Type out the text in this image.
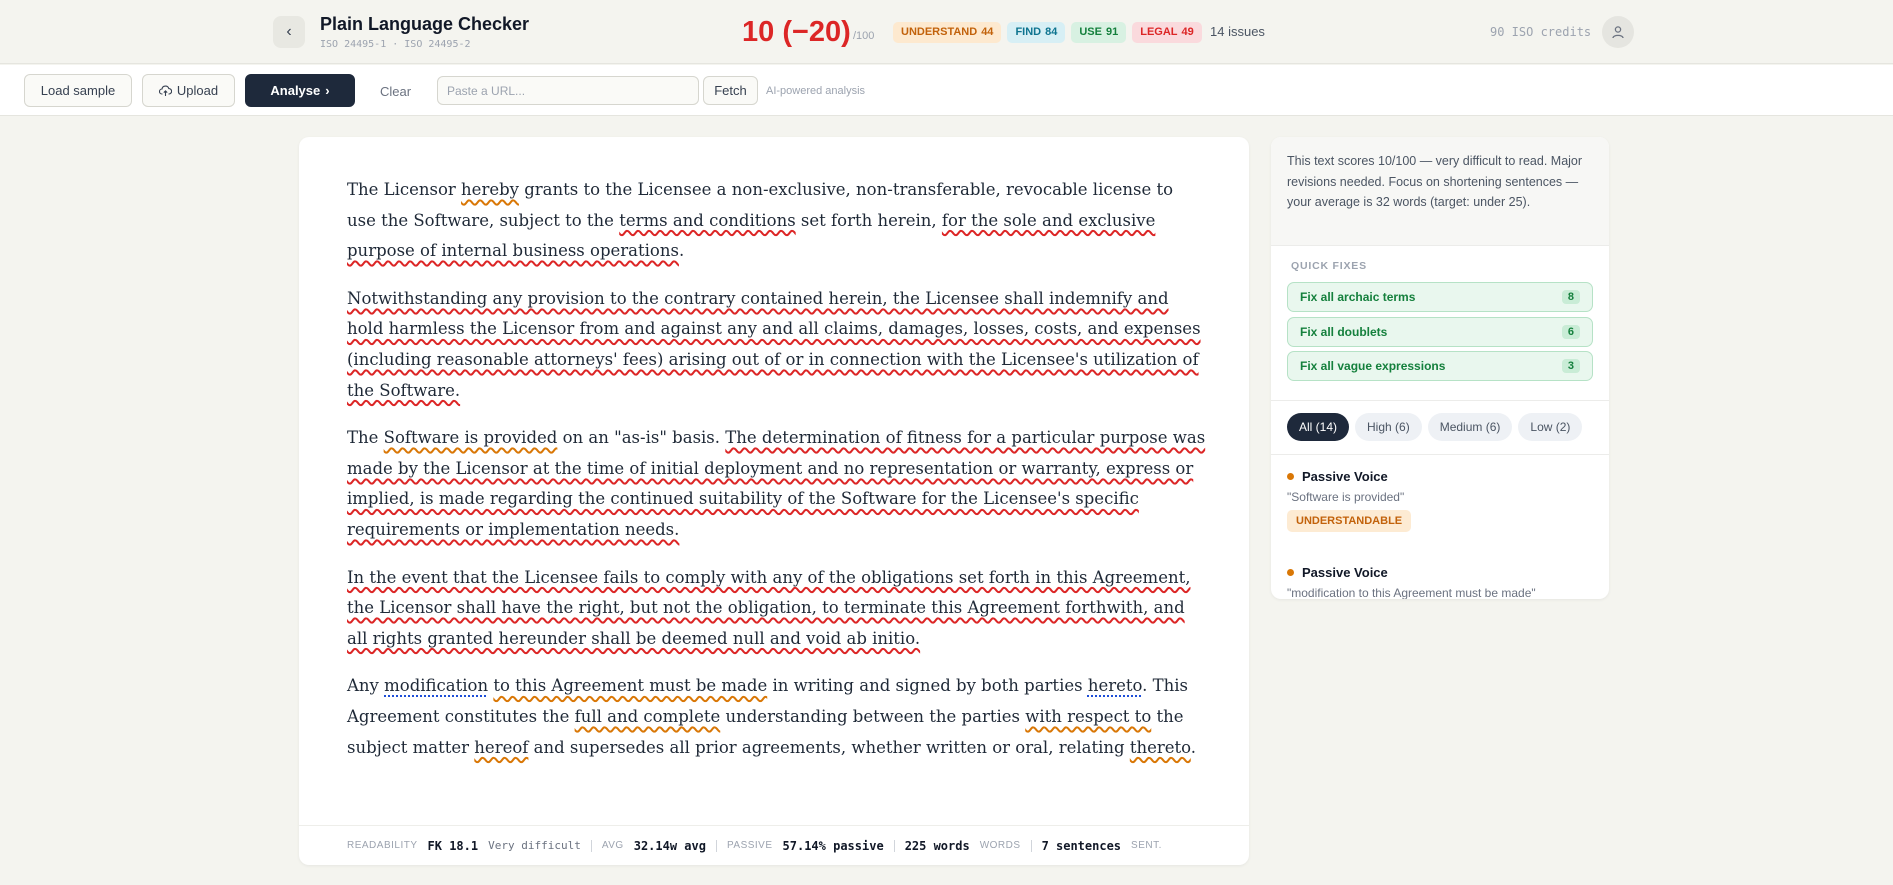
‹ Plain Language Checker
ISO 24495-1 · ISO 24495-2	10 (−20) /100	UNDERSTAND 44	FIND 84	USE 91	LEGAL 49	14 issues	90 ISO credits
Load sample	Upload	Analyse ›	Clear
Paste a URL...	Fetch AI-powered analysis

The Licensor hereby grants to the Licensee a non-exclusive, non-transferable, revocable license to use the Software, subject to the terms and conditions set forth herein, for the sole and exclusive purpose of internal business operations.

Notwithstanding any provision to the contrary contained herein, the Licensee shall indemnify and hold harmless the Licensor from and against any and all claims, damages, losses, costs, and expenses (including reasonable attorneys' fees) arising out of or in connection with the Licensee's utilization of the Software.

The Software is provided on an "as-is" basis. The determination of fitness for a particular purpose was made by the Licensor at the time of initial deployment and no representation or warranty, express or implied, is made regarding the continued suitability of the Software for the Licensee's specific requirements or implementation needs.

In the event that the Licensee fails to comply with any of the obligations set forth in this Agreement, the Licensor shall have the right, but not the obligation, to terminate this Agreement forthwith, and all rights granted hereunder shall be deemed null and void ab initio.

Any modification to this Agreement must be made in writing and signed by both parties hereto. This Agreement constitutes the full and complete understanding between the parties with respect to the subject matter hereof and supersedes all prior agreements, whether written or oral, relating thereto.

READABILITY FK 18.1 Very difficult AVG 32.14w avg PASSIVE 57.14% passive 225 words WORDS 7 sentences SENT.
This text scores 10/100 — very difficult to read. Major revisions needed. Focus on shortening sentences — your average is 32 words (target: under 25).
QUICK FIXES
Fix all archaic terms	8
Fix all doublets	6
Fix all vague expressions	3
All (14)	High (6)	Medium (6)	Low (2)
Passive Voice
"Software is provided"
UNDERSTANDABLE
Passive Voice
"modification to this Agreement must be made"
